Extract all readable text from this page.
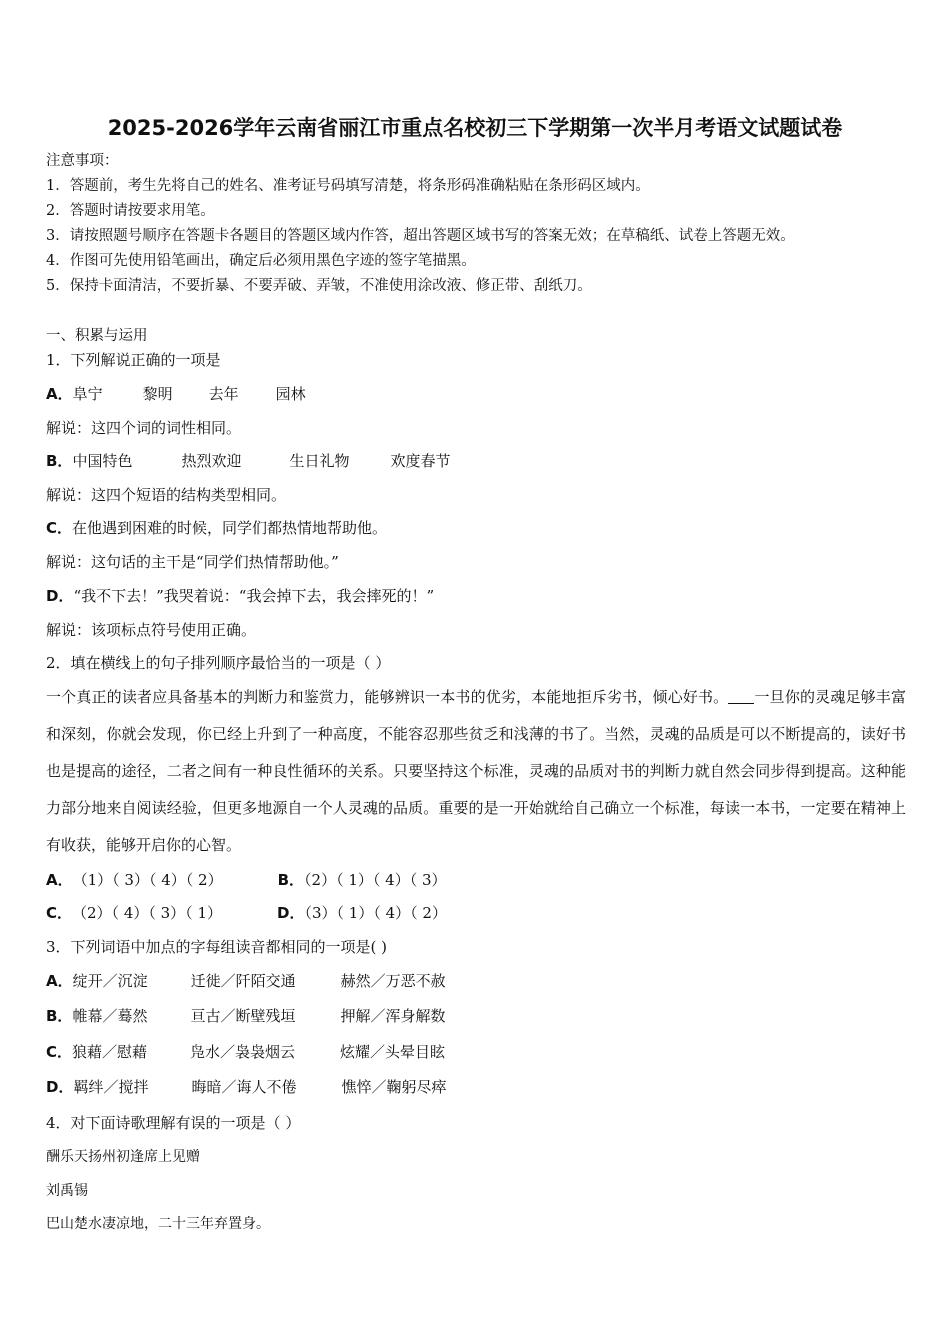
2025-2026学年云南省丽江市重点名校初三下学期第一次半月考语文试题试卷
注意事项：
1．答题前，考生先将自己的姓名、准考证号码填写清楚，将条形码准确粘贴在条形码区域内。
2．答题时请按要求用笔。
3．请按照题号顺序在答题卡各题目的答题区域内作答，超出答题区域书写的答案无效；在草稿纸、试卷上答题无效。
4．作图可先使用铅笔画出，确定后必须用黑色字迹的签字笔描黑。
5．保持卡面清洁，不要折暴、不要弄破、弄皱，不准使用涂改液、修正带、刮纸刀。
一、积累与运用
1．下列解说正确的一项是
A．阜宁	黎明 去年 园林
解说：这四个词的词性相同。
B．中国特色	热烈欢迎	生日礼物	欢度春节
解说：这四个短语的结构类型相同。
C．在他遇到困难的时候，同学们都热情地帮助他。
解说：这句话的主干是“同学们热情帮助他。”
D．“我不下去！”我哭着说：“我会掉下去，我会摔死的！”
解说：该项标点符号使用正确。
2．填在横线上的句子排列顺序最恰当的一项是（ ）
一个真正的读者应具备基本的判断力和鉴赏力，能够辨识一本书的优劣，本能地拒斥劣书，倾心好书。 一旦你的灵魂足够丰富和深刻，你就会发现，你已经上升到了一种高度，不能容忍那些贫乏和浅薄的书了。当然，灵魂的品质是可以不断提高的，读好书也是提高的途径，二者之间有一种良性循环的关系。只要坚持这个标准，灵魂的品质对书的判断力就自然会同步得到提高。这种能力部分地来自阅读经验，但更多地源自一个人灵魂的品质。重要的是一开始就给自己确立一个标准，每读一本书，一定要在精神上有收获，能够开启你的心智。
A．（1）（ 3）（ 4）（ 2）	B．（2）（ 1）（ 4）（ 3）
C．（2）（ 4）（ 3）（ 1）	D．（3）（ 1）（ 4）（ 2）
3．下列词语中加点的字每组读音都相同的一项是( )
A．绽开／沉淀	迁徙／阡陌交通	赫然／万恶不赦
B．帷幕／蓦然	亘古／断壁残垣	押解／浑身解数
C．狼藉／慰藉	凫水／袅袅烟云	炫耀／头晕目眩
D．羁绊／搅拌	晦暗／诲人不倦	憔悴／鞠躬尽瘁
4．对下面诗歌理解有误的一项是（ ）
酬乐天扬州初逢席上见赠
刘禹锡
巴山楚水凄凉地，二十三年弃置身。
